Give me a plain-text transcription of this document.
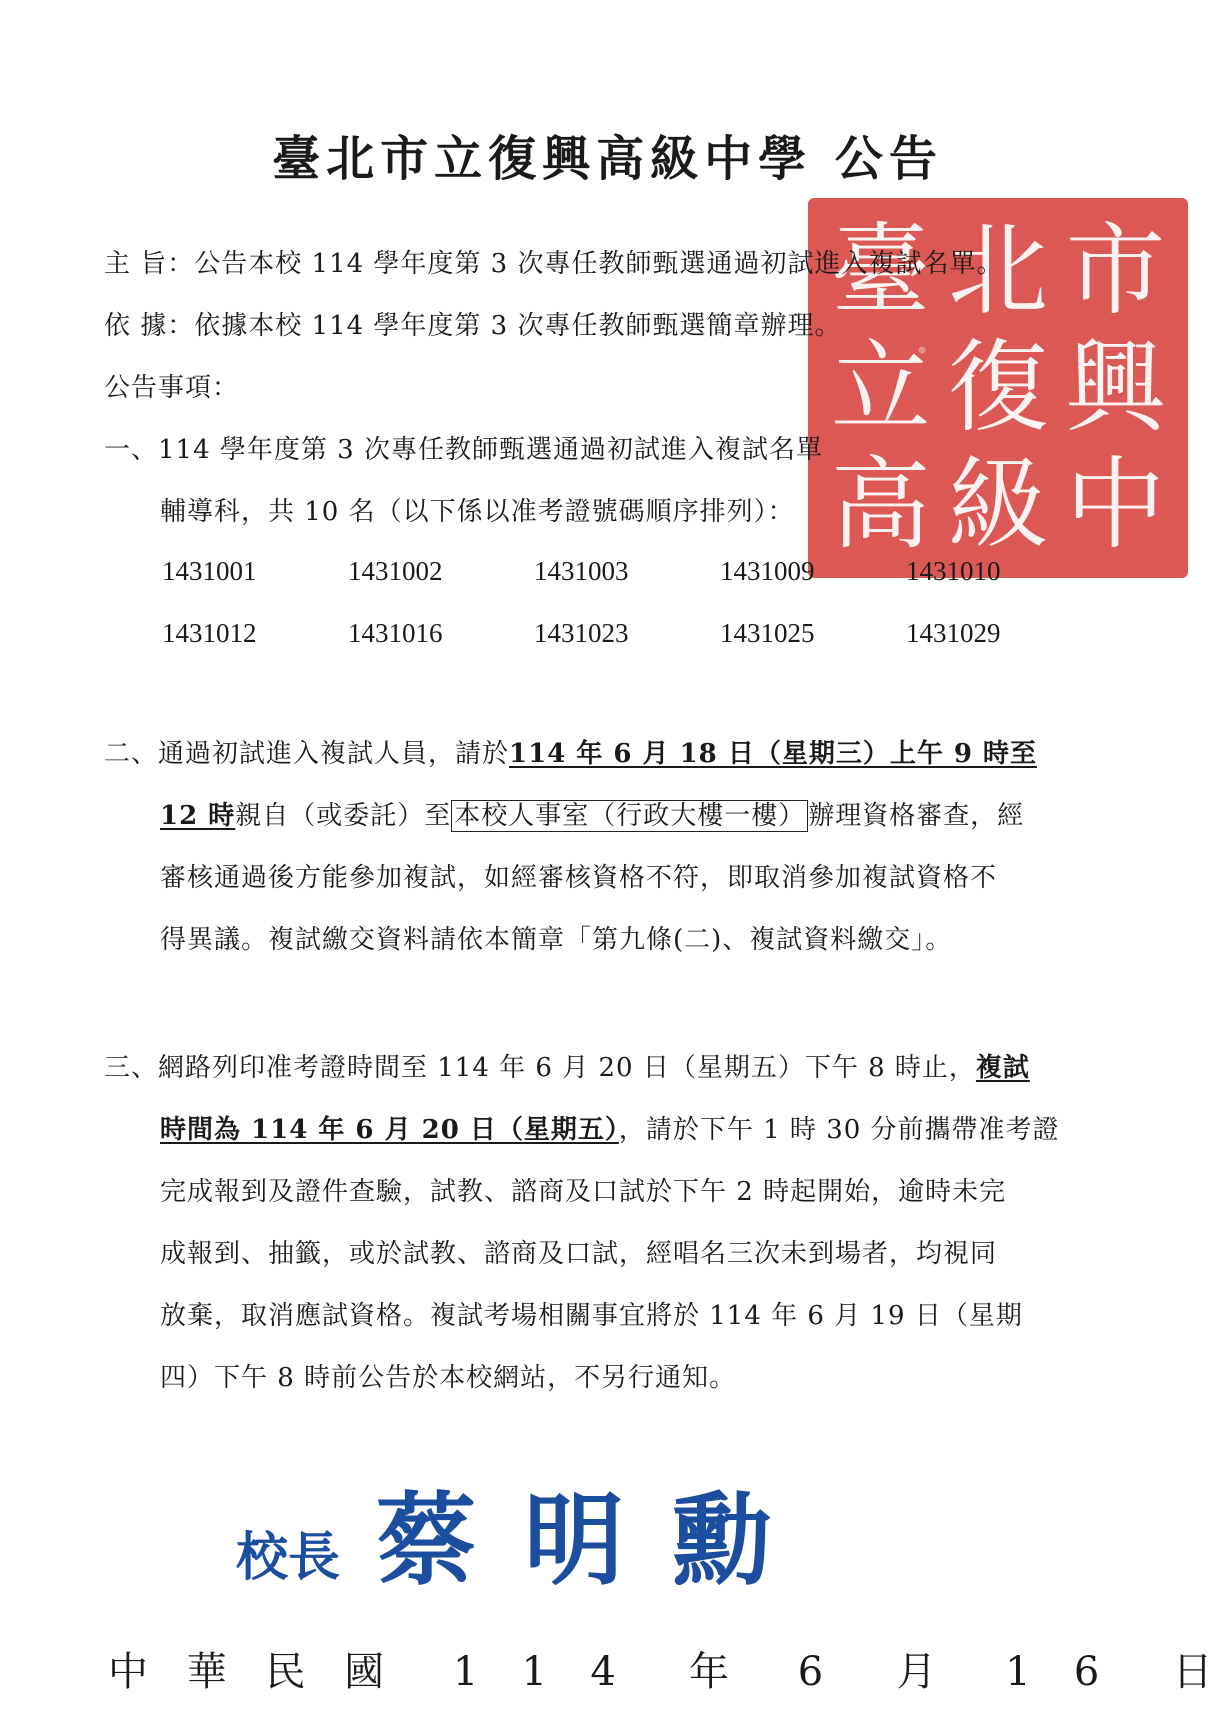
臺 北 市
立 復 興
高 級 中
臺北市立復興高級中學 公告
主 旨：公告本校 114 學年度第 3 次專任教師甄選通過初試進入複試名單。
依 據：依據本校 114 學年度第 3 次專任教師甄選簡章辦理。
公告事項：
一、114 學年度第 3 次專任教師甄選通過初試進入複試名單
輔導科，共 10 名（以下係以准考證號碼順序排列）：
1431001	1431002	1431003	1431009	1431010
1431012	1431016	1431023	1431025	1431029
二、通過初試進入複試人員，請於114 年 6 月 18 日（星期三）上午 9 時至
12 時親自（或委託）至 本校人事室（行政大樓一樓） 辦理資格審查，經
審核通過後方能參加複試，如經審核資格不符，即取消參加複試資格不
得異議。複試繳交資料請依本簡章「第九條(二)、複試資料繳交」。
三、網路列印准考證時間至 114 年 6 月 20 日（星期五）下午 8 時止，複試
時間為 114 年 6 月 20 日（星期五），請於下午 1 時 30 分前攜帶准考證
完成報到及證件查驗，試教、諮商及口試於下午 2 時起開始，逾時未完
成報到、抽籤，或於試教、諮商及口試，經唱名三次未到場者，均視同
放棄，取消應試資格。複試考場相關事宜將於 114 年 6 月 19 日（星期
四）下午 8 時前公告於本校網站，不另行通知。
校長 蔡明勳
中 華 民 國 1 1 4 年 6 月 1 6 日
